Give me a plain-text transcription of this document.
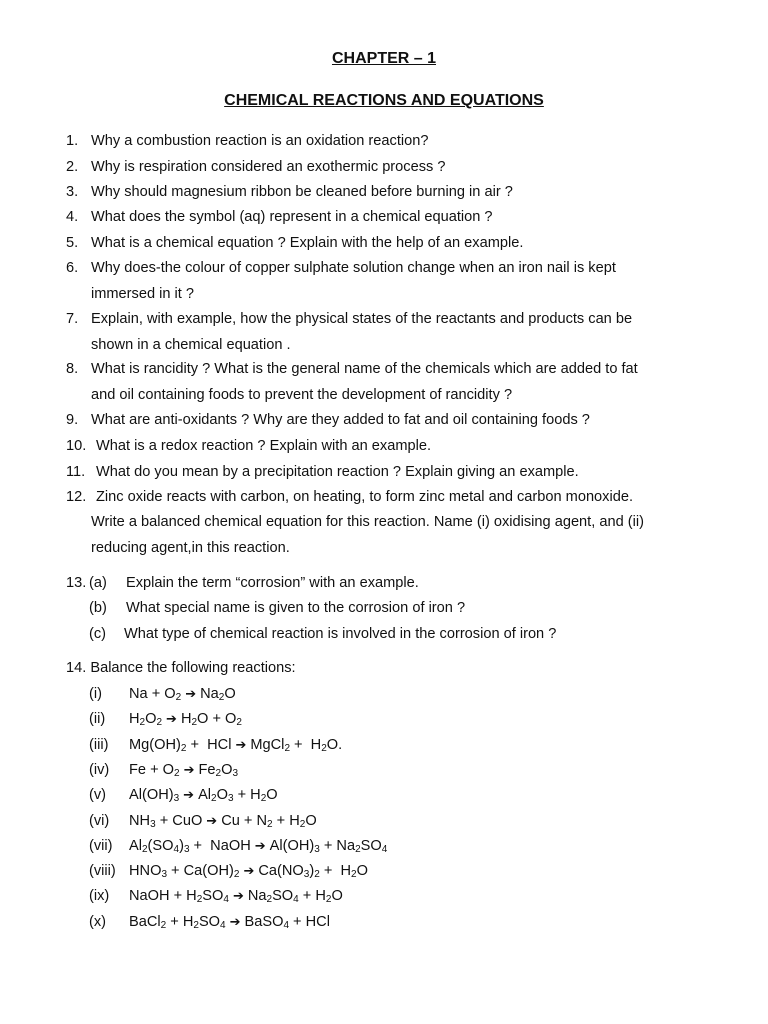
CHAPTER – 1
CHEMICAL REACTIONS AND EQUATIONS
1. Why a combustion reaction is an oxidation reaction?
2. Why is respiration considered an exothermic process ?
3. Why should magnesium ribbon be cleaned before burning in air ?
4. What does the symbol (aq) represent in a chemical equation ?
5. What is a chemical equation ? Explain with the help of an example.
6. Why does-the colour of copper sulphate solution change when an iron nail is kept
immersed in it ?
7. Explain, with example, how the physical states of the reactants and products can be
shown in a chemical equation .
8. What is rancidity ? What is the general name of the chemicals which are added to fat
and oil containing foods to prevent the development of rancidity ?
9. What are anti-oxidants ? Why are they added to fat and oil containing foods ?
10. What is a redox reaction ? Explain with an example.
11. What do you mean by a precipitation reaction ? Explain giving an example.
12. Zinc oxide reacts with carbon, on heating, to form zinc metal and carbon monoxide.
Write a balanced chemical equation for this reaction. Name (i) oxidising agent, and (ii)
reducing agent,in this reaction.
13. (a) Explain the term “corrosion” with an example.
(b) What special name is given to the corrosion of iron ?
(c) What type of chemical reaction is involved in the corrosion of iron ?
14. Balance the following reactions:
(i) $Na + O_2$ ➔ $Na_2O$
(ii) $H_2O_2$ ➔ $H_2O + O_2$
(iii) $Mg(OH)_2$ +  HCl ➔ MgCl$_2$ +  $H_2O$.
(iv) $Fe + O_2$ ➔ $Fe_2O_3$
(v) $Al(OH)_3$ ➔ $Al_2O_3 + H_2O$
(vi) $NH_3$ + CuO ➔ $Cu + N_2 + H_2O$
(vii) $Al_2(SO_4)_3$ +  NaOH ➔ $Al(OH)_3 + Na_2SO_4$
(viii) $HNO_3 + Ca(OH)_2$ ➔ $Ca(NO_3)_2 + H_2O$
(ix) NaOH + $H_2SO_4$ ➔ $Na_2SO_4 + H_2O$
(x) BaCl$_2$ + $H_2SO_4$ ➔ BaSO$_4$ + HCl
